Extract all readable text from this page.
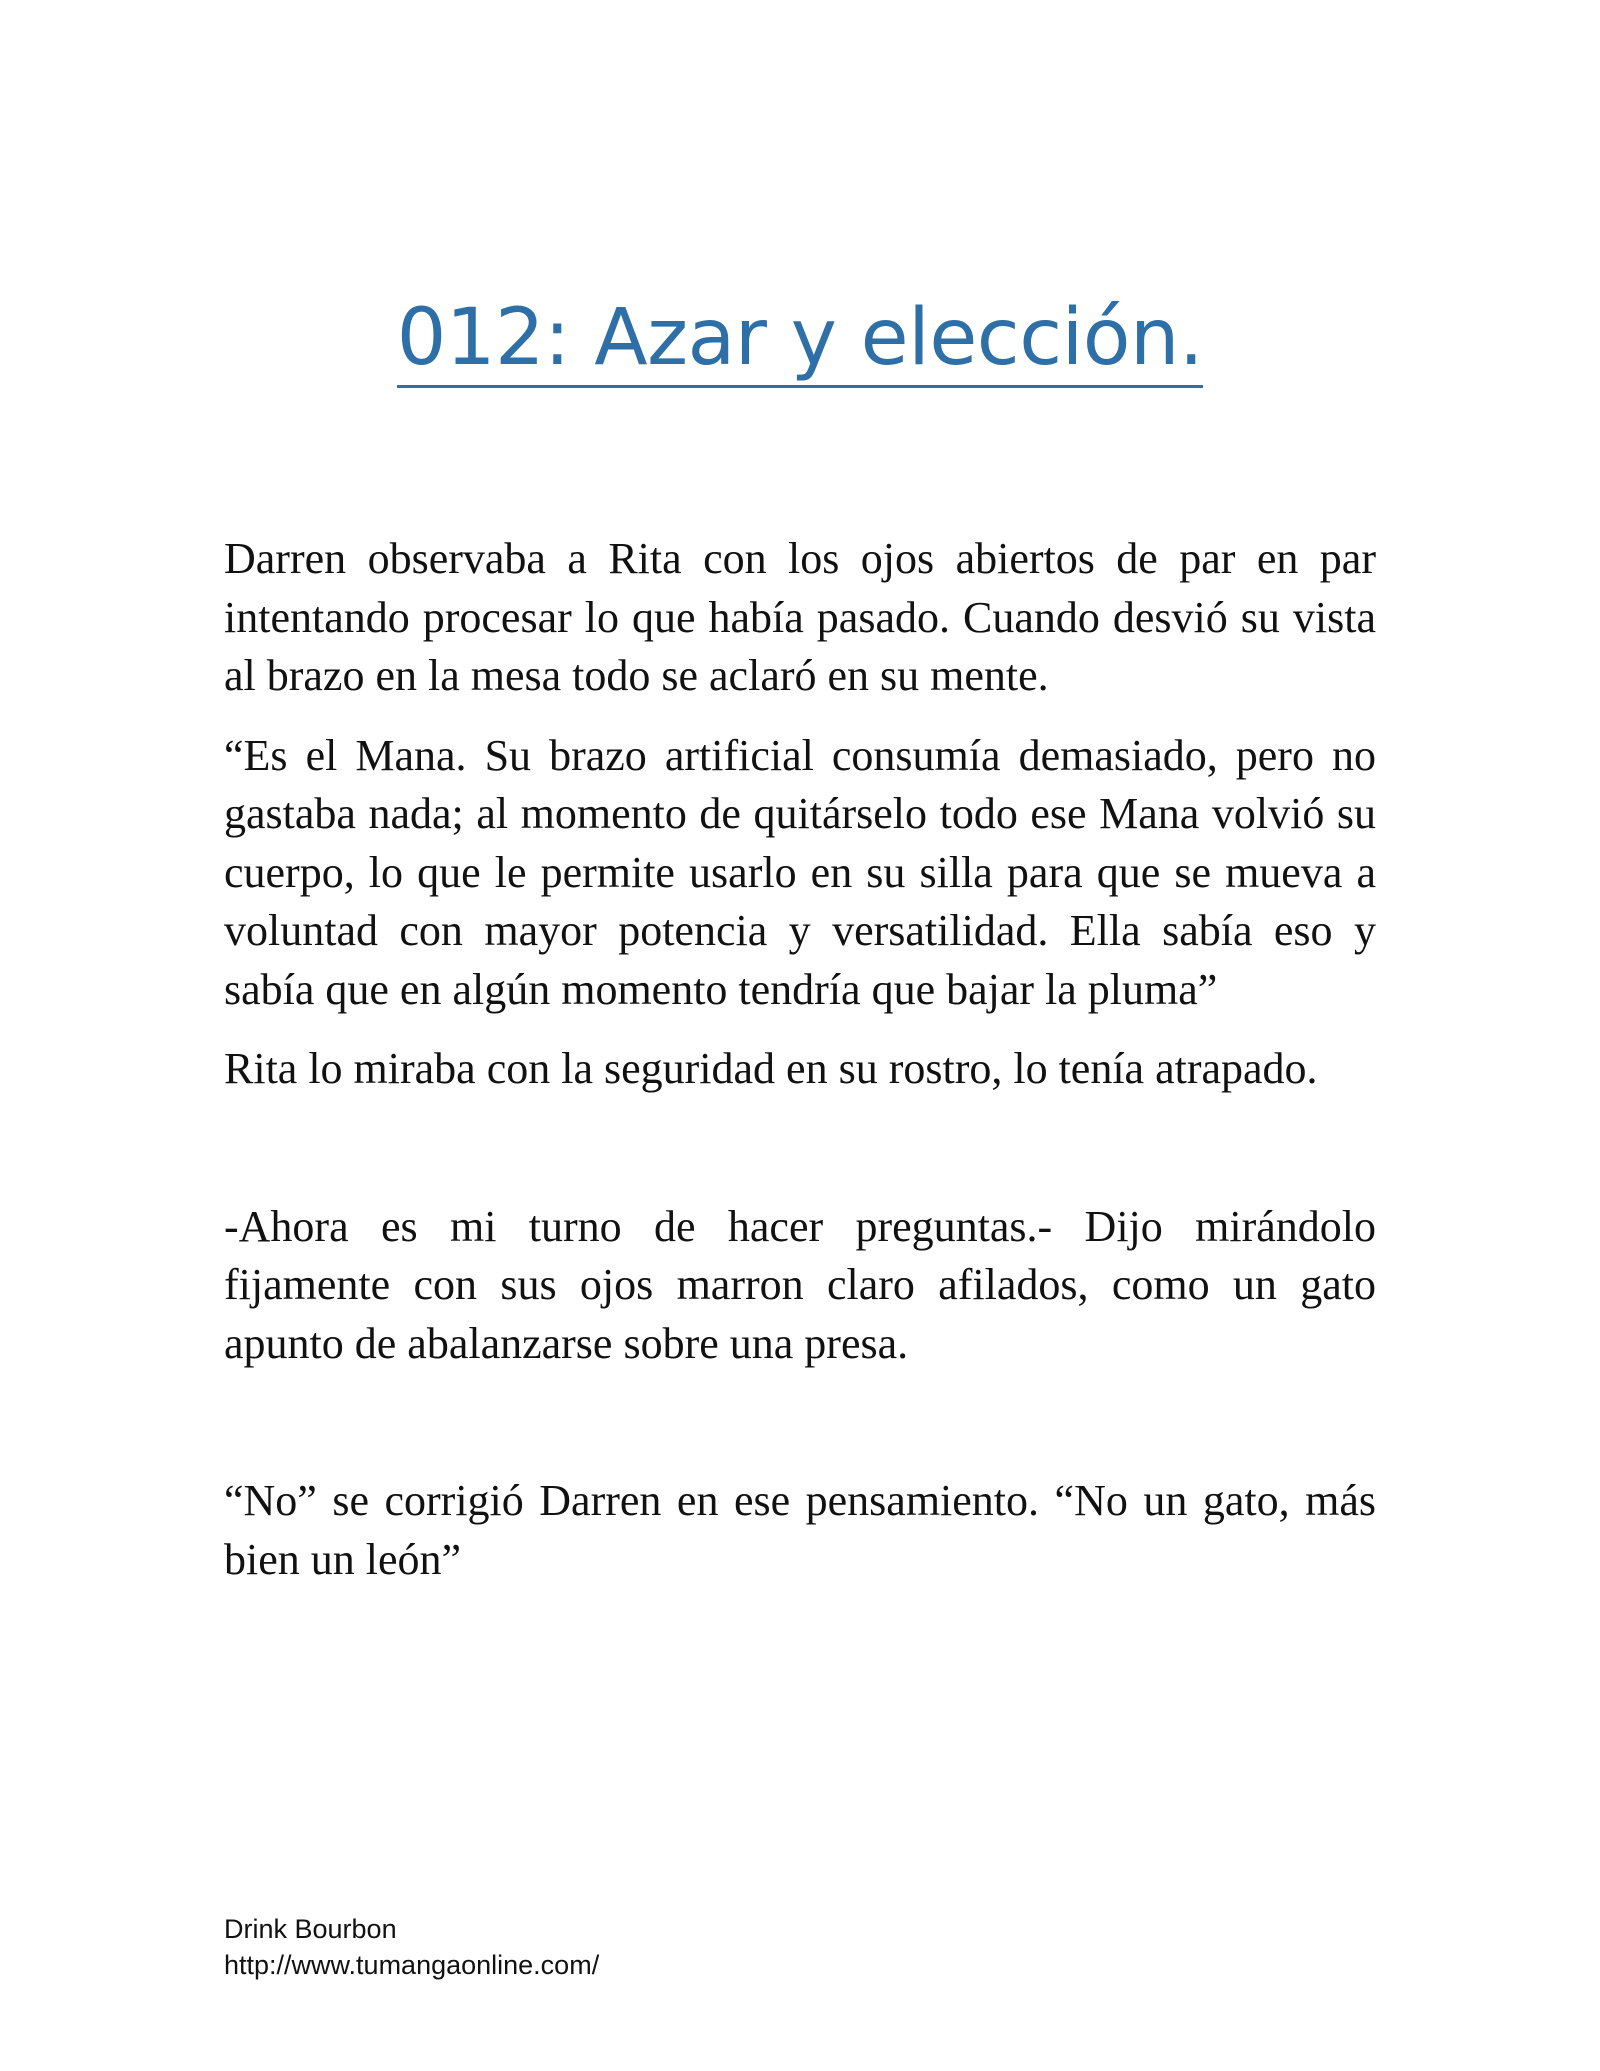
012: Azar y elección.

Darren observaba a Rita con los ojos abiertos de par en par intentando procesar lo que había pasado. Cuando desvió su vista al brazo en la mesa todo se aclaró en su mente.

“Es el Mana. Su brazo artificial consumía demasiado, pero no gastaba nada; al momento de quitárselo todo ese Mana volvió su cuerpo, lo que le permite usarlo en su silla para que se mueva a voluntad con mayor potencia y versatilidad. Ella sabía eso y sabía que en algún momento tendría que bajar la pluma”

Rita lo miraba con la seguridad en su rostro, lo tenía atrapado.

-Ahora es mi turno de hacer preguntas.- Dijo mirándolo fijamente con sus ojos marron claro afilados, como un gato apunto de abalanzarse sobre una presa.

“No” se corrigió Darren en ese pensamiento. “No un gato, más bien un león”

Drink Bourbon
http://www.tumangaonline.com/
